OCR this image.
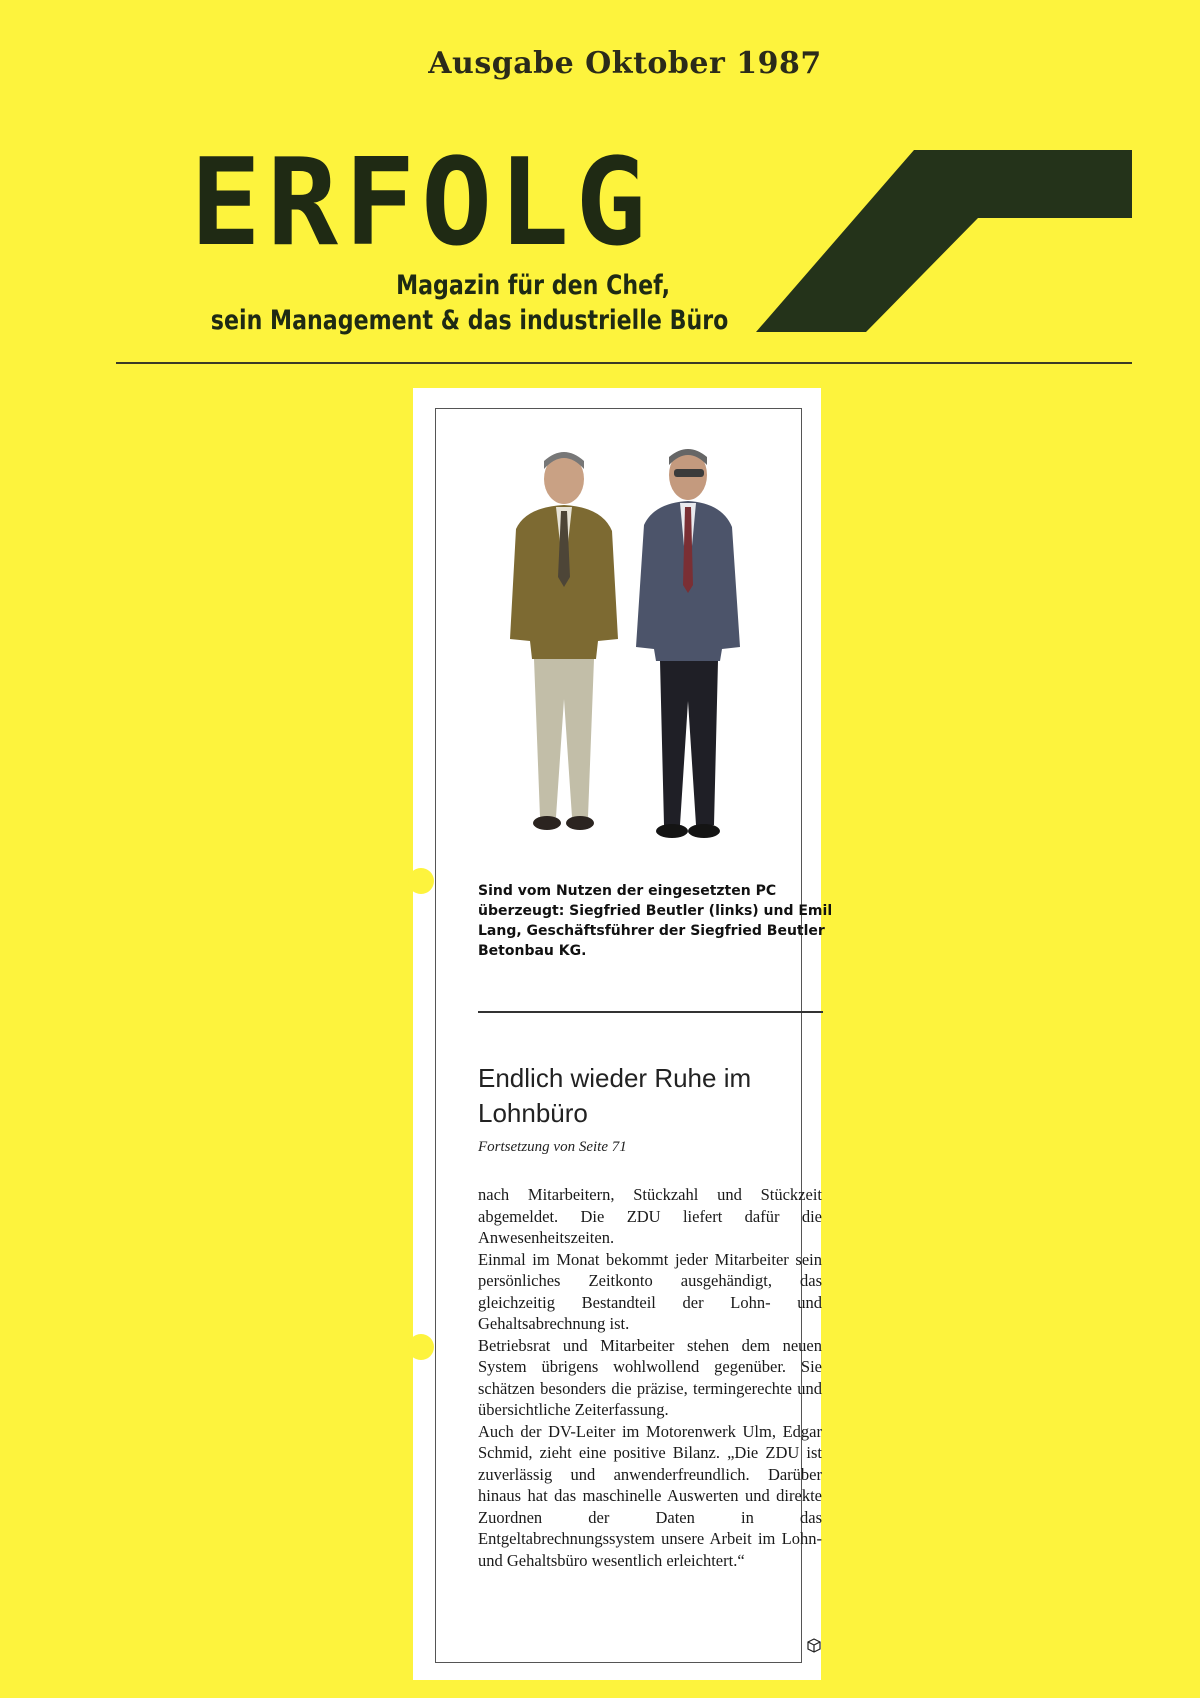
Ausgabe Oktober 1987
ERFOLG
Magazin für den Chef,
sein Management & das industrielle Büro
Sind vom Nutzen der eingesetzten PC überzeugt: Siegfried Beutler (links) und Emil Lang, Geschäftsführer der Siegfried Beutler Betonbau KG.
Endlich wieder Ruhe im Lohnbüro
Fortsetzung von Seite 71

nach Mitarbeitern, Stückzahl und Stückzeit abgemeldet. Die ZDU liefert dafür die Anwesenheitszeiten.

Einmal im Monat bekommt jeder Mitarbeiter sein persönliches Zeitkonto ausgehändigt, das gleichzeitig Bestandteil der Lohn- und Gehaltsabrechnung ist.

Betriebsrat und Mitarbeiter stehen dem neuen System übrigens wohlwollend gegenüber. Sie schätzen besonders die präzise, termingerechte und übersichtliche Zeiterfassung.

Auch der DV-Leiter im Motorenwerk Ulm, Edgar Schmid, zieht eine positive Bilanz. „Die ZDU ist zuverlässig und anwenderfreundlich. Darüber hinaus hat das maschinelle Auswerten und direkte Zuordnen der Daten in das Entgeltabrechnungssystem unsere Arbeit im Lohn- und Gehaltsbüro wesentlich erleichtert.“
